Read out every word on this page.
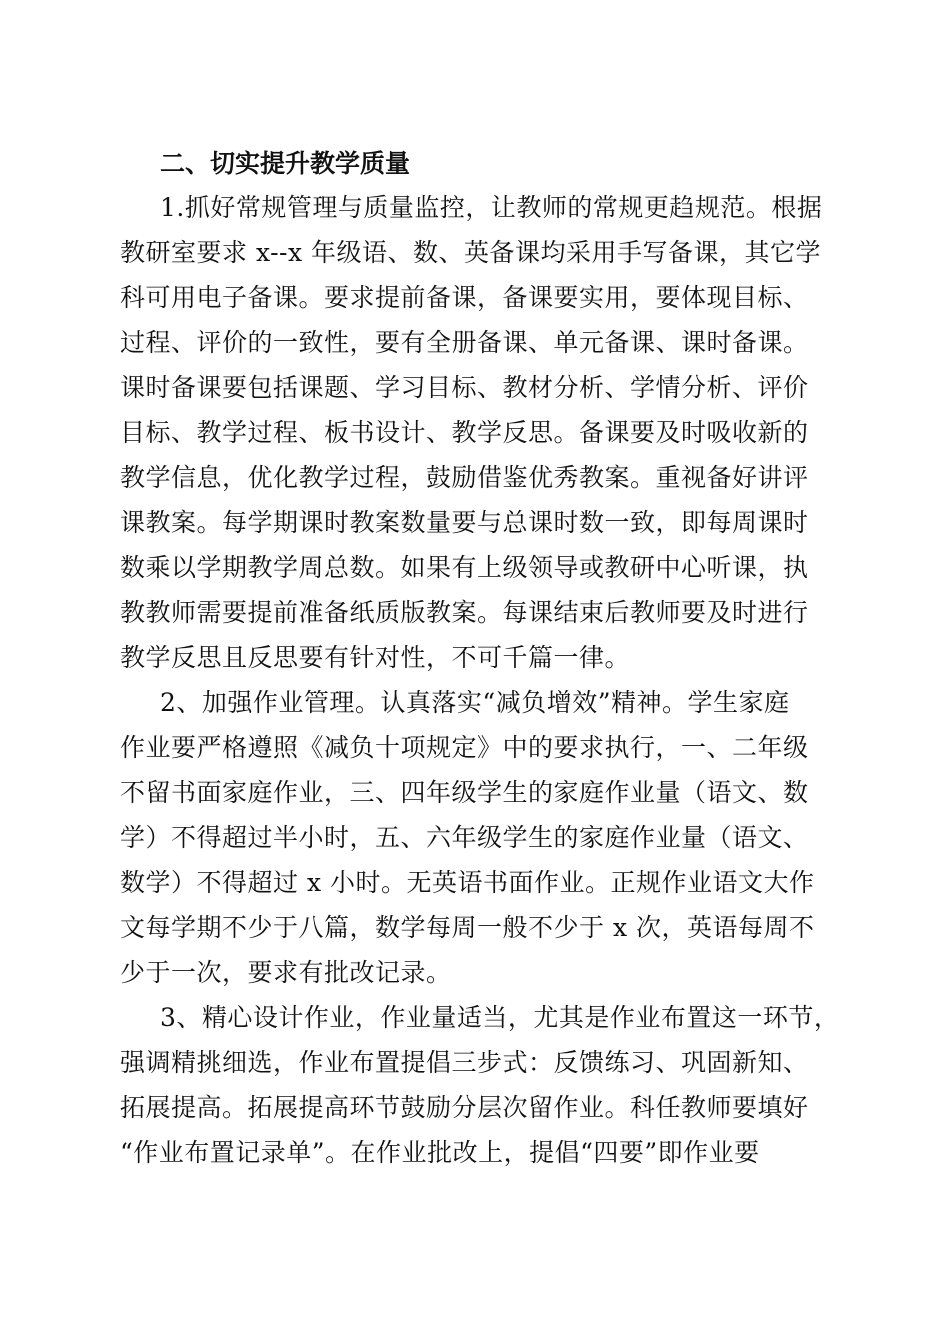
二、切实提升教学质量
1.抓好常规管理与质量监控，让教师的常规更趋规范。根据
教研室要求 x--x 年级语、数、英备课均采用手写备课，其它学
科可用电子备课。要求提前备课，备课要实用，要体现目标、
过程、评价的一致性，要有全册备课、单元备课、课时备课。
课时备课要包括课题、学习目标、教材分析、学情分析、评价
目标、教学过程、板书设计、教学反思。备课要及时吸收新的
教学信息，优化教学过程，鼓励借鉴优秀教案。重视备好讲评
课教案。每学期课时教案数量要与总课时数一致，即每周课时
数乘以学期教学周总数。如果有上级领导或教研中心听课，执
教教师需要提前准备纸质版教案。每课结束后教师要及时进行
教学反思且反思要有针对性，不可千篇一律。
2、加强作业管理。认真落实“减负增效”精神。学生家庭
作业要严格遵照《减负十项规定》中的要求执行，一、二年级
不留书面家庭作业，三、四年级学生的家庭作业量（语文、数
学）不得超过半小时，五、六年级学生的家庭作业量（语文、
数学）不得超过 x 小时。无英语书面作业。正规作业语文大作
文每学期不少于八篇，数学每周一般不少于 x 次，英语每周不
少于一次，要求有批改记录。
3、精心设计作业，作业量适当，尤其是作业布置这一环节，
强调精挑细选，作业布置提倡三步式：反馈练习、巩固新知、
拓展提高。拓展提高环节鼓励分层次留作业。科任教师要填好
“作业布置记录单”。在作业批改上，提倡“四要”即作业要
